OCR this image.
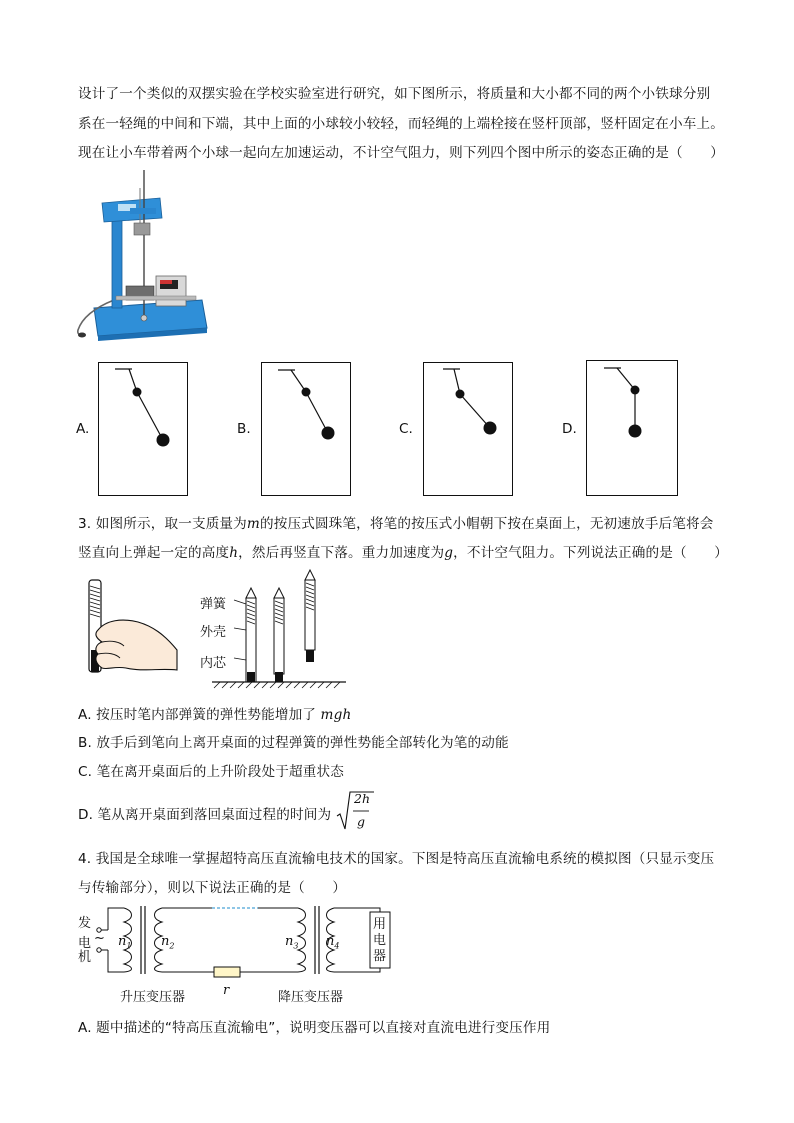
设计了一个类似的双摆实验在学校实验室进行研究，如下图所示，将质量和大小都不同的两个小铁球分别
系在一轻绳的中间和下端，其中上面的小球较小较轻，而轻绳的上端栓接在竖杆顶部，竖杆固定在小车上。
现在让小车带着两个小球一起向左加速运动，不计空气阻力，则下列四个图中所示的姿态正确的是（　　）
A.	B.	C.	D.
3. 如图所示，取一支质量为m的按压式圆珠笔，将笔的按压式小帽朝下按在桌面上，无初速放手后笔将会
竖直向上弹起一定的高度h，然后再竖直下落。重力加速度为g，不计空气阻力。下列说法正确的是（　　）
弹簧
外壳
内芯
A. 按压时笔内部弹簧的弹性势能增加了 mgh
B. 放手后到笔向上离开桌面的过程弹簧的弹性势能全部转化为笔的动能
C. 笔在离开桌面后的上升阶段处于超重状态
D. 笔从离开桌面到落回桌面过程的时间为
2h
g
4. 我国是全球唯一掌握超特高压直流输电技术的国家。下图是特高压直流输电系统的模拟图（只显示变压
与传输部分），则以下说法正确的是（　　）
发
机
电 ~ $n_1$ $n_2$	$n_3$ $n_4$
用
电
器
r
升压变压器	降压变压器
A. 题中描述的“特高压直流输电”，说明变压器可以直接对直流电进行变压作用
